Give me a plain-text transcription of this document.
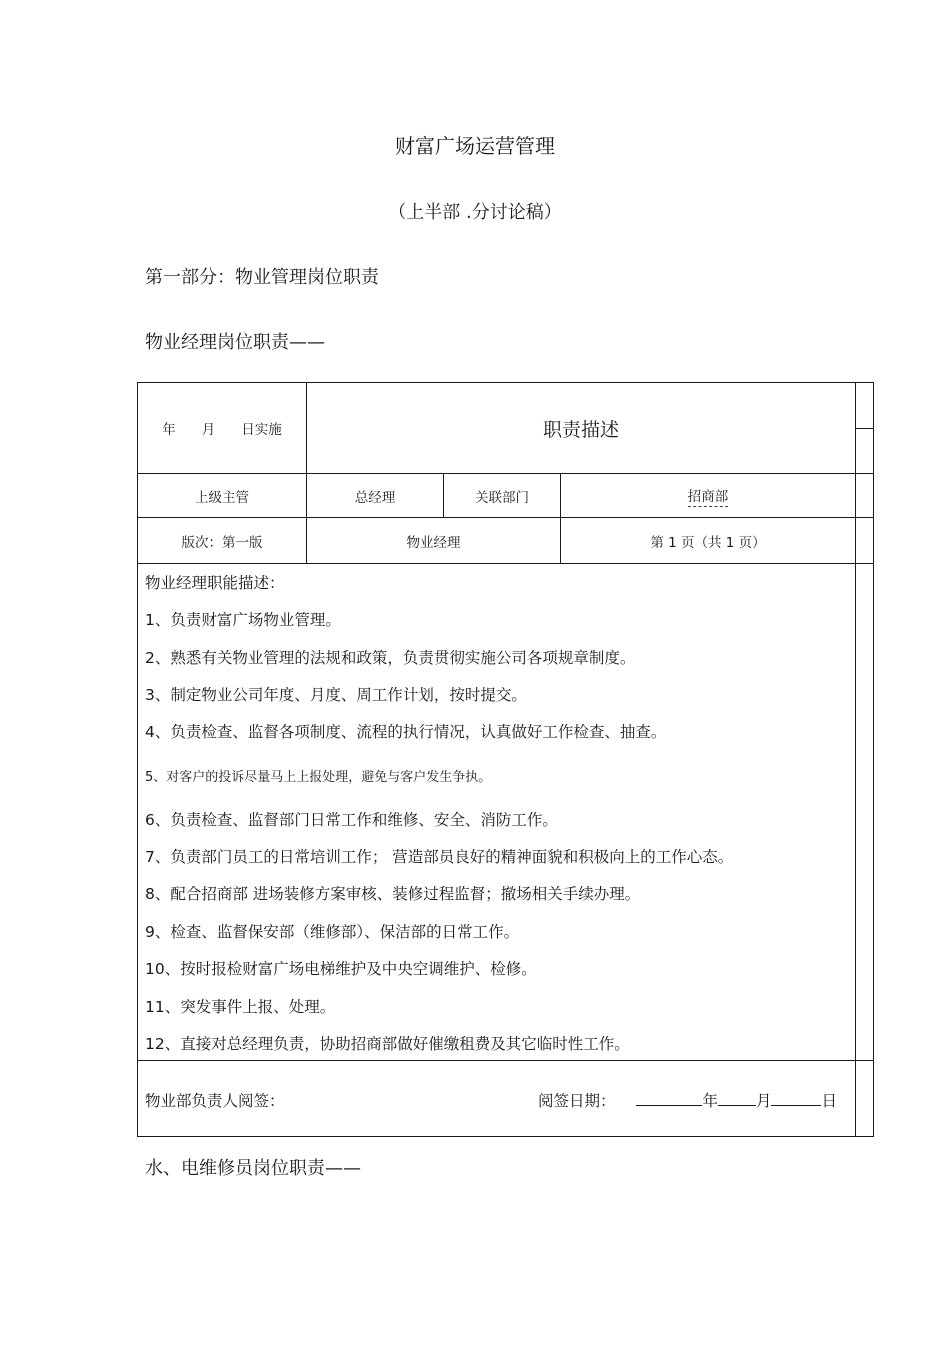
财富广场运营管理
（上半部 .分讨论稿）
第一部分：物业管理岗位职责
物业经理岗位职责——
年 月 日实施	职责描述
上级主管	总经理	关联部门	招商部
版次：第一版	物业经理	第 1 页（共 1 页）
物业经理职能描述：
1、负责财富广场物业管理。
2、熟悉有关物业管理的法规和政策，负责贯彻实施公司各项规章制度。
3、制定物业公司年度、月度、周工作计划，按时提交。
4、负责检查、监督各项制度、流程的执行情况，认真做好工作检查、抽查。
5、对客户的投诉尽量马上上报处理，避免与客户发生争执。
6、负责检查、监督部门日常工作和维修、安全、消防工作。
7、负责部门员工的日常培训工作； 营造部员良好的精神面貌和积极向上的工作心态。
8、配合招商部 进场装修方案审核、装修过程监督；撤场相关手续办理。
9、检查、监督保安部（维修部）、保洁部的日常工作。
10、按时报检财富广场电梯维护及中央空调维护、检修。
11、突发事件上报、处理。
12、直接对总经理负责，协助招商部做好催缴租费及其它临时性工作。
物业部负责人阅签：	阅签日期：	年 月	日
水、电维修员岗位职责——
